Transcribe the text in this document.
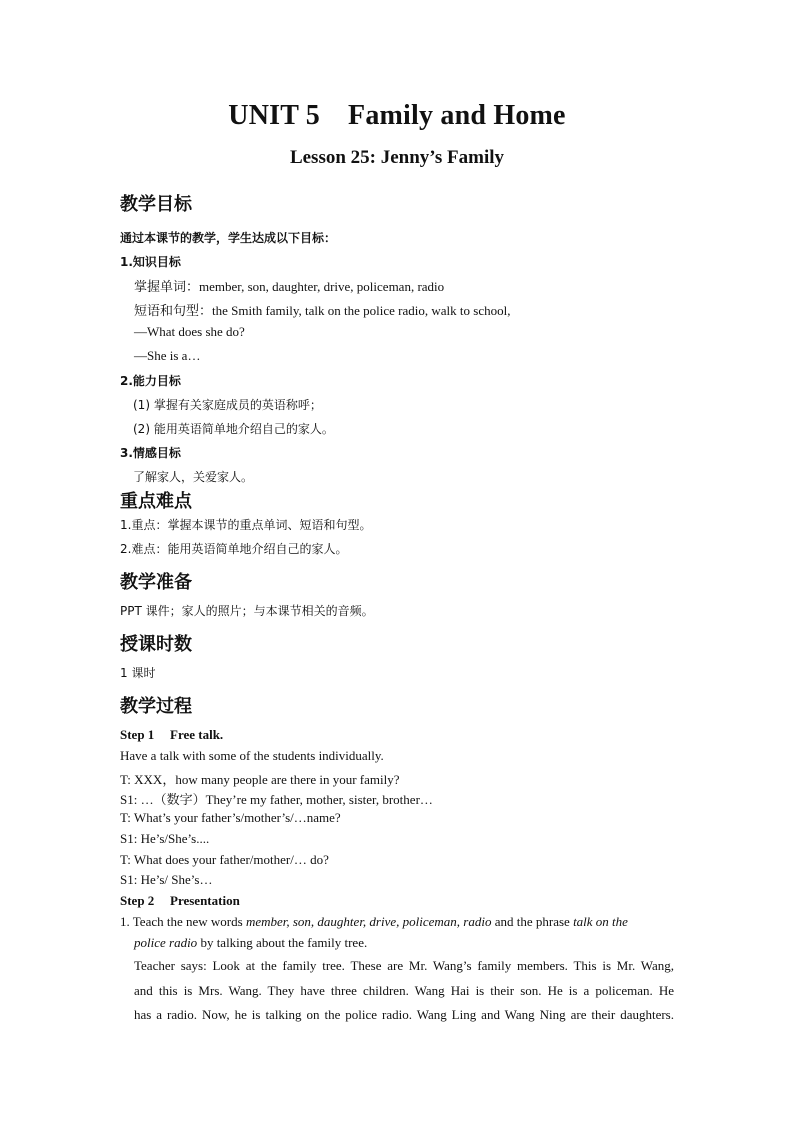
UNIT 5 Family and Home
Lesson 25: Jenny’s Family
教学目标
通过本课节的教学，学生达成以下目标：
1.知识目标
掌握单词：member, son, daughter, drive, policeman, radio
短语和句型：the Smith family, talk on the police radio, walk to school,
—What does she do?
—She is a…
2.能力目标
(1) 掌握有关家庭成员的英语称呼；
(2) 能用英语简单地介绍自己的家人。
3.情感目标
了解家人，关爱家人。
重点难点
1.重点：掌握本课节的重点单词、短语和句型。
2.难点：能用英语简单地介绍自己的家人。
教学准备
PPT 课件；家人的照片；与本课节相关的音频。
授课时数
1 课时
教学过程
Step 1 Free talk.
Have a talk with some of the students individually.
T: XXX，how many people are there in your family?
S1: …（数字）They’re my father, mother, sister, brother…
T: What’s your father’s/mother’s/…name?
S1: He’s/She’s....
T: What does your father/mother/… do?
S1: He’s/ She’s…
Step 2 Presentation
1. Teach the new words member, son, daughter, drive, policeman, radio and the phrase talk on the
police radio by talking about the family tree.
Teacher says: Look at the family tree. These are Mr. Wang’s family members. This is Mr. Wang,
and this is Mrs. Wang. They have three children. Wang Hai is their son. He is a policeman. He
has a radio. Now, he is talking on the police radio. Wang Ling and Wang Ning are their daughters.
